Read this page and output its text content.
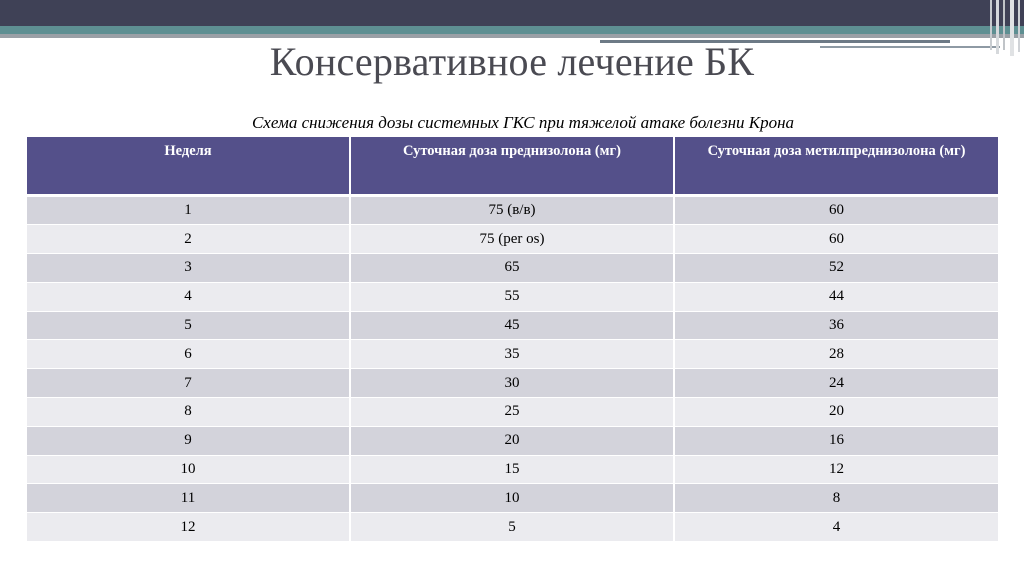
Консервативное лечение БК
Схема снижения дозы системных ГКС при тяжелой атаке болезни Крона
Неделя	Суточная доза преднизолона (мг)	Суточная доза метилпреднизолона (мг)
1	75 (в/в)	60
2	75 (per os)	60
3	65	52
4	55	44
5	45	36
6	35	28
7	30	24
8	25	20
9	20	16
10	15	12
11	10	8
12	5	4
